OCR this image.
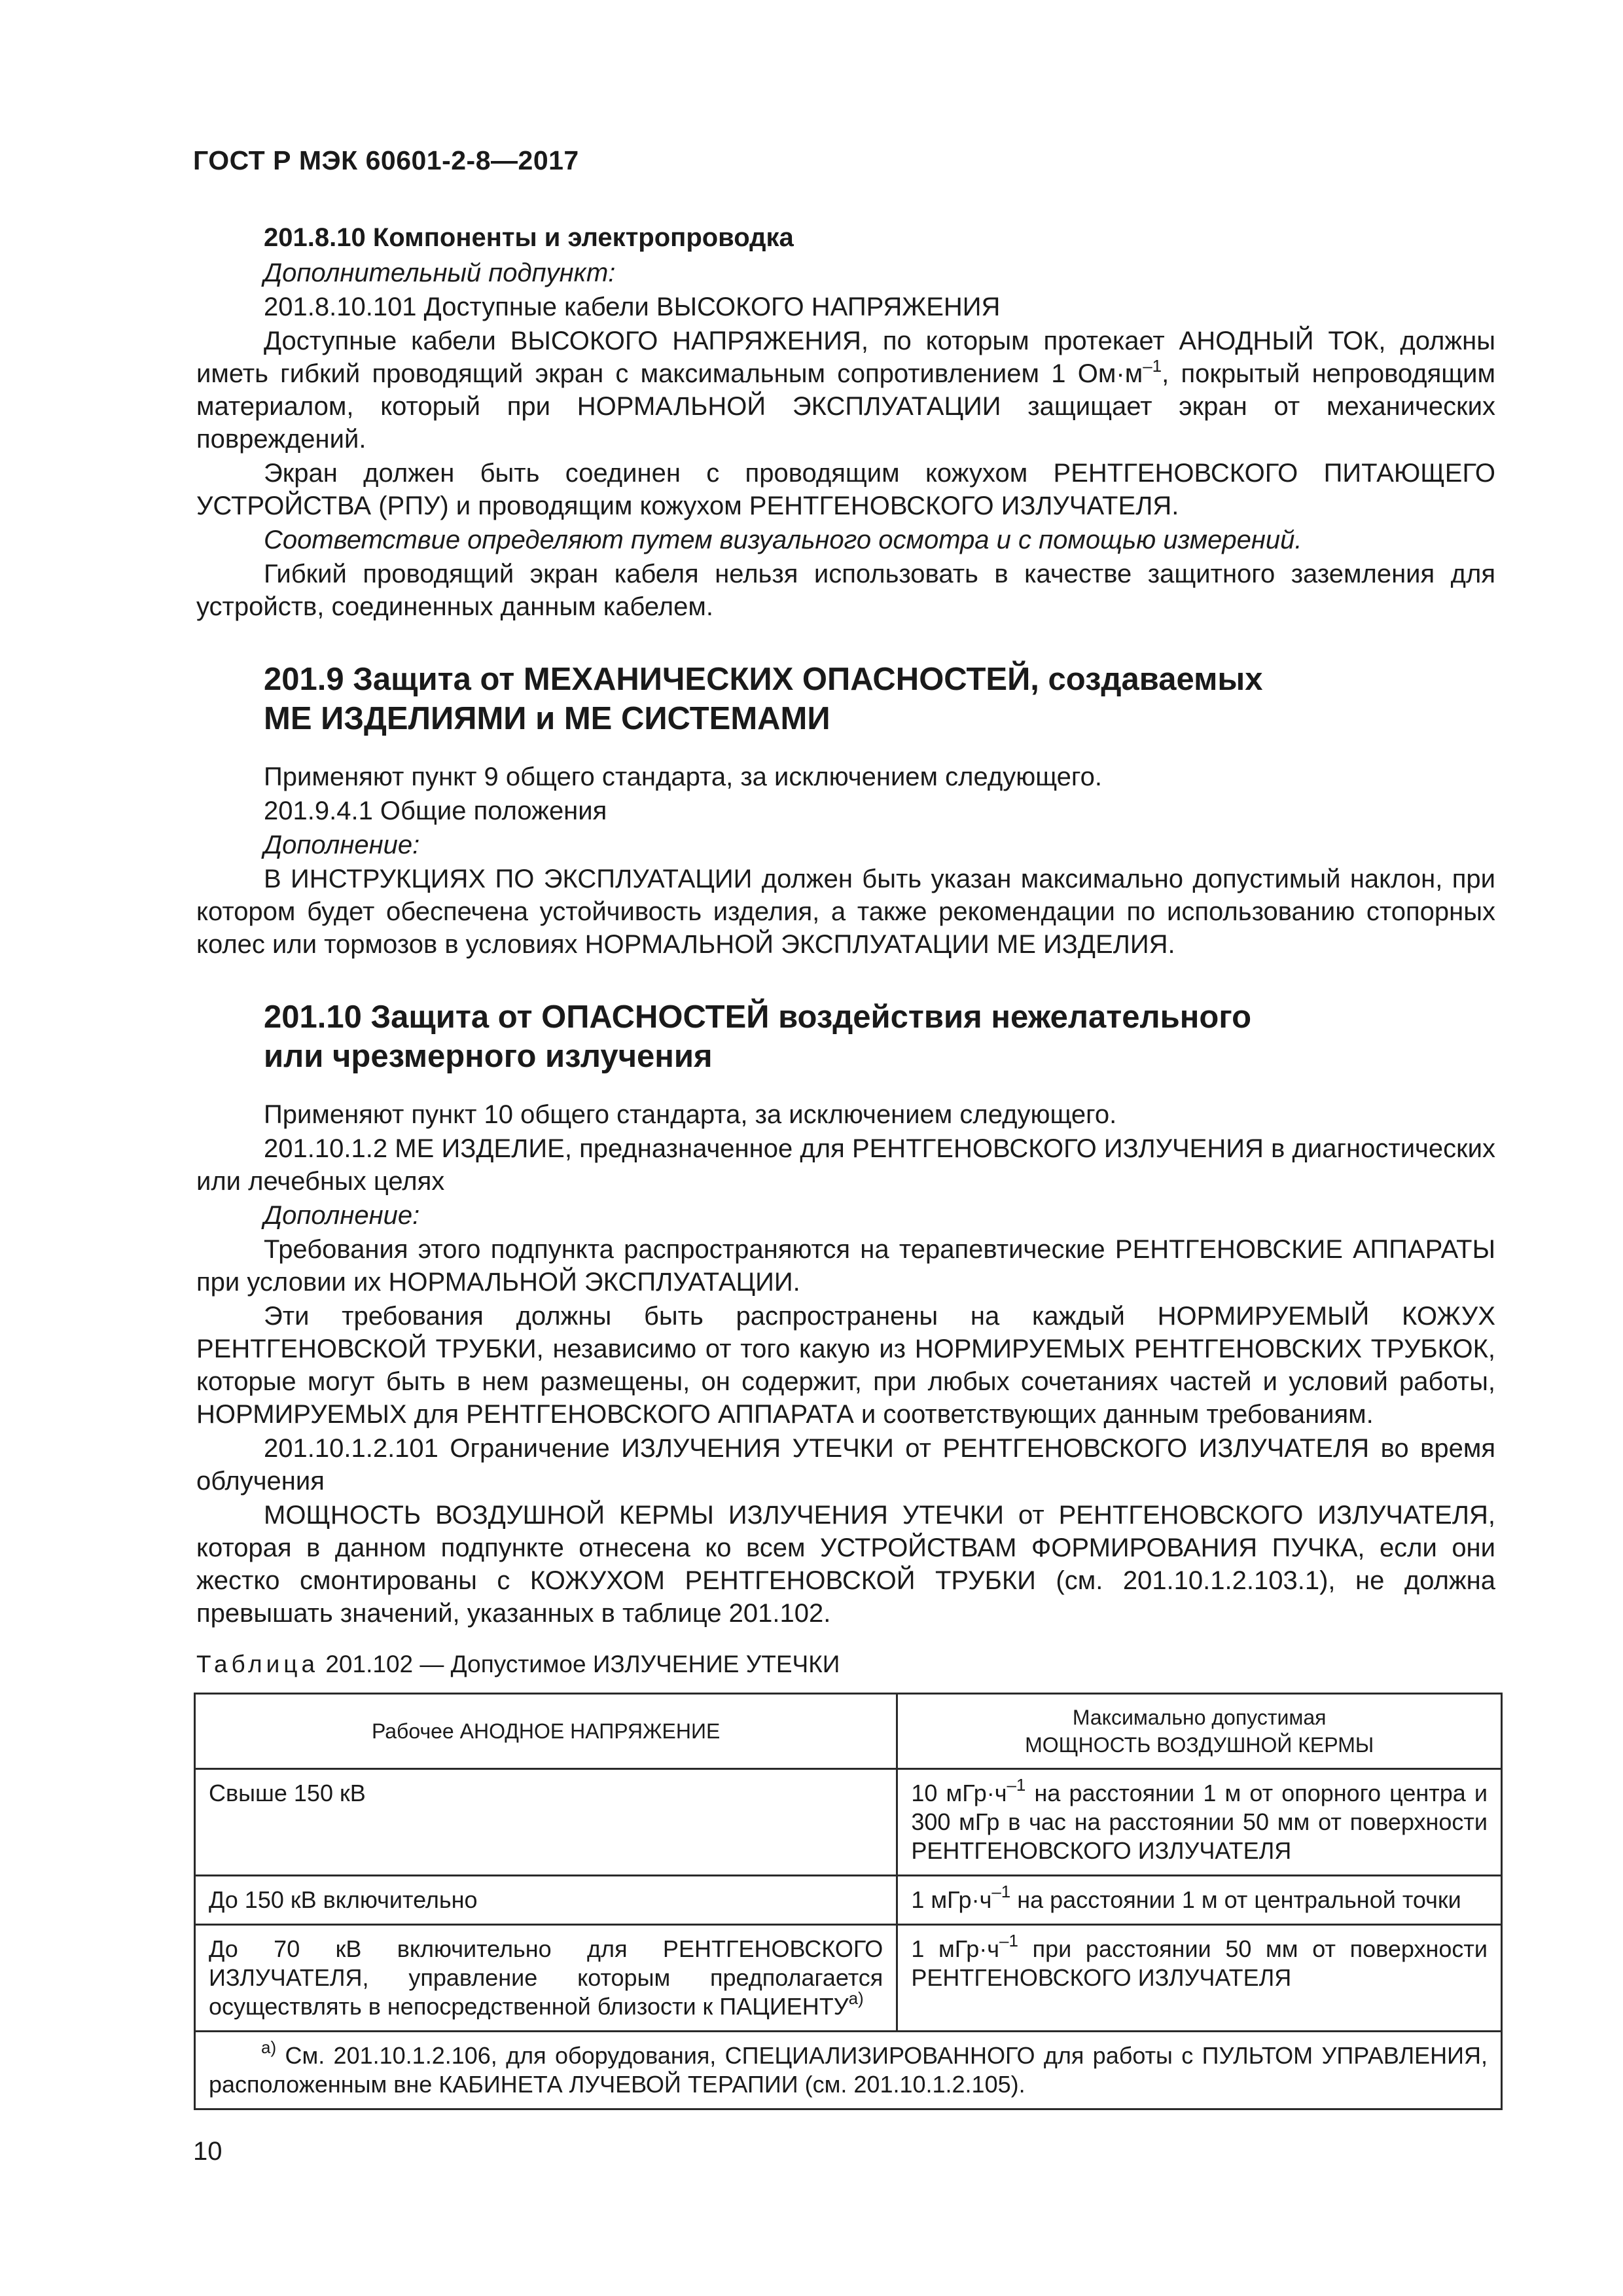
ГОСТ Р МЭК 60601-2-8—2017
201.8.10 Компоненты и электропроводка

Дополнительный подпункт:

201.8.10.101 Доступные кабели ВЫСОКОГО НАПРЯЖЕНИЯ

Доступные кабели ВЫСОКОГО НАПРЯЖЕНИЯ, по которым протекает АНОДНЫЙ ТОК, должны иметь гибкий проводящий экран с максимальным сопротивлением 1 $Ом\cdot м^{-1}$, покрытый непроводящим материалом, который при НОРМАЛЬНОЙ ЭКСПЛУАТАЦИИ защищает экран от механических повреждений.

Экран должен быть соединен с проводящим кожухом РЕНТГЕНОВСКОГО ПИТАЮЩЕГО УСТРОЙСТВА (РПУ) и проводящим кожухом РЕНТГЕНОВСКОГО ИЗЛУЧАТЕЛЯ.

Соответствие определяют путем визуального осмотра и с помощью измерений.

Гибкий проводящий экран кабеля нельзя использовать в качестве защитного заземления для устройств, соединенных данным кабелем.

201.9 Защита от МЕХАНИЧЕСКИХ ОПАСНОСТЕЙ, создаваемых
МЕ ИЗДЕЛИЯМИ и МЕ СИСТЕМАМИ

Применяют пункт 9 общего стандарта, за исключением следующего.

201.9.4.1 Общие положения

Дополнение:

В ИНСТРУКЦИЯХ ПО ЭКСПЛУАТАЦИИ должен быть указан максимально допустимый наклон, при котором будет обеспечена устойчивость изделия, а также рекомендации по использованию стопорных колес или тормозов в условиях НОРМАЛЬНОЙ ЭКСПЛУАТАЦИИ МЕ ИЗДЕЛИЯ.

201.10 Защита от ОПАСНОСТЕЙ воздействия нежелательного
или чрезмерного излучения

Применяют пункт 10 общего стандарта, за исключением следующего.

201.10.1.2 МЕ ИЗДЕЛИЕ, предназначенное для РЕНТГЕНОВСКОГО ИЗЛУЧЕНИЯ в диагностических или лечебных целях

Дополнение:

Требования этого подпункта распространяются на терапевтические РЕНТГЕНОВСКИЕ АППАРАТЫ при условии их НОРМАЛЬНОЙ ЭКСПЛУАТАЦИИ.

Эти требования должны быть распространены на каждый НОРМИРУЕМЫЙ КОЖУХ РЕНТГЕНОВСКОЙ ТРУБКИ, независимо от того какую из НОРМИРУЕМЫХ РЕНТГЕНОВСКИХ ТРУБКОК, которые могут быть в нем размещены, он содержит, при любых сочетаниях частей и условий работы, НОРМИРУЕМЫХ для РЕНТГЕНОВСКОГО АППАРАТА и соответствующих данным требованиям.

201.10.1.2.101 Ограничение ИЗЛУЧЕНИЯ УТЕЧКИ от РЕНТГЕНОВСКОГО ИЗЛУЧАТЕЛЯ во время облучения

МОЩНОСТЬ ВОЗДУШНОЙ КЕРМЫ ИЗЛУЧЕНИЯ УТЕЧКИ от РЕНТГЕНОВСКОГО ИЗЛУЧАТЕЛЯ, которая в данном подпункте отнесена ко всем УСТРОЙСТВАМ ФОРМИРОВАНИЯ ПУЧКА, если они жестко смонтированы с КОЖУХОМ РЕНТГЕНОВСКОЙ ТРУБКИ (см. 201.10.1.2.103.1), не должна превышать значений, указанных в таблице 201.102.

Таблица 201.102 — Допустимое ИЗЛУЧЕНИЕ УТЕЧКИ
Рабочее АНОДНОЕ НАПРЯЖЕНИЕ	Максимально допустимая
МОЩНОСТЬ ВОЗДУШНОЙ КЕРМЫ

Свыше 150 кВ	10 $мГр\cdot ч^{-1}$ на расстоянии 1 м от опорного центра и 300 мГр в час на расстоянии 50 мм от поверхности РЕНТГЕНОВСКОГО ИЗЛУЧАТЕЛЯ
До 150 кВ включительно	1 $мГр\cdot ч^{-1}$ на расстоянии 1 м от центральной точки
До 70 кВ включительно для РЕНТГЕНОВСКОГО ИЗЛУЧАТЕЛЯ, управление которым предполагается осуществлять в непосредственной близости к $ПАЦИЕНТУ^{а)}$	1 $мГр\cdot ч^{-1}$ при расстоянии 50 мм от поверхности РЕНТГЕНОВСКОГО ИЗЛУЧАТЕЛЯ
$^{а)}$ См. 201.10.1.2.106, для оборудования, СПЕЦИАЛИЗИРОВАННОГО для работы с ПУЛЬТОМ УПРАВЛЕНИЯ, расположенным вне КАБИНЕТА ЛУЧЕВОЙ ТЕРАПИИ (см. 201.10.1.2.105).	
10
